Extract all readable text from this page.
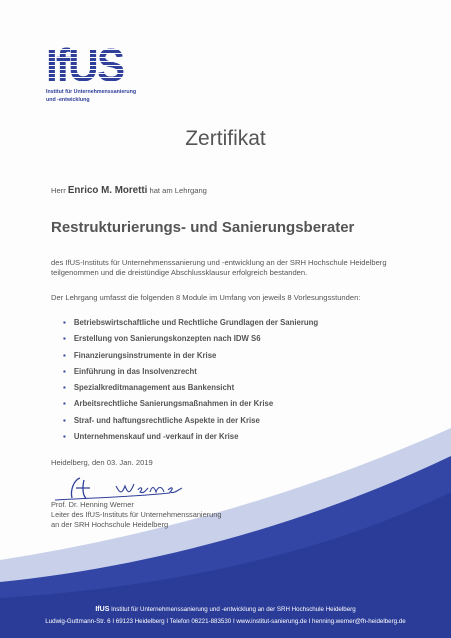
IfUS
Institut für Unternehmenssanierung
und -entwicklung
Zertifikat
Herr Enrico M. Moretti hat am Lehrgang
Restrukturierungs- und Sanierungsberater
des IfUS-Instituts für Unternehmenssanierung und -entwicklung an der SRH Hochschule Heidelberg
teilgenommen und die dreistündige Abschlussklausur erfolgreich bestanden.
Der Lehrgang umfasst die folgenden 8 Module im Umfang von jeweils 8 Vorlesungsstunden:
▪ Betriebswirtschaftliche und Rechtliche Grundlagen der Sanierung
▪ Erstellung von Sanierungskonzepten nach IDW S6
▪ Finanzierungsinstrumente in der Krise
▪ Einführung in das Insolvenzrecht
▪ Spezialkreditmanagement aus Bankensicht
▪ Arbeitsrechtliche Sanierungsmaßnahmen in der Krise
▪ Straf- und haftungsrechtliche Aspekte in der Krise
▪ Unternehmenskauf und -verkauf in der Krise
Heidelberg, den 03. Jan. 2019
Prof. Dr. Henning Werner
Leiter des IfUS-Instituts für Unternehmenssanierung
an der SRH Hochschule Heidelberg
IfUS Institut für Unternehmenssanierung und -entwicklung an der SRH Hochschule Heidelberg
Ludwig-Guttmann-Str. 6 I 69123 Heidelberg I Telefon 06221-883530 I www.institut-sanierung.de I henning.werner@fh-heidelberg.de
